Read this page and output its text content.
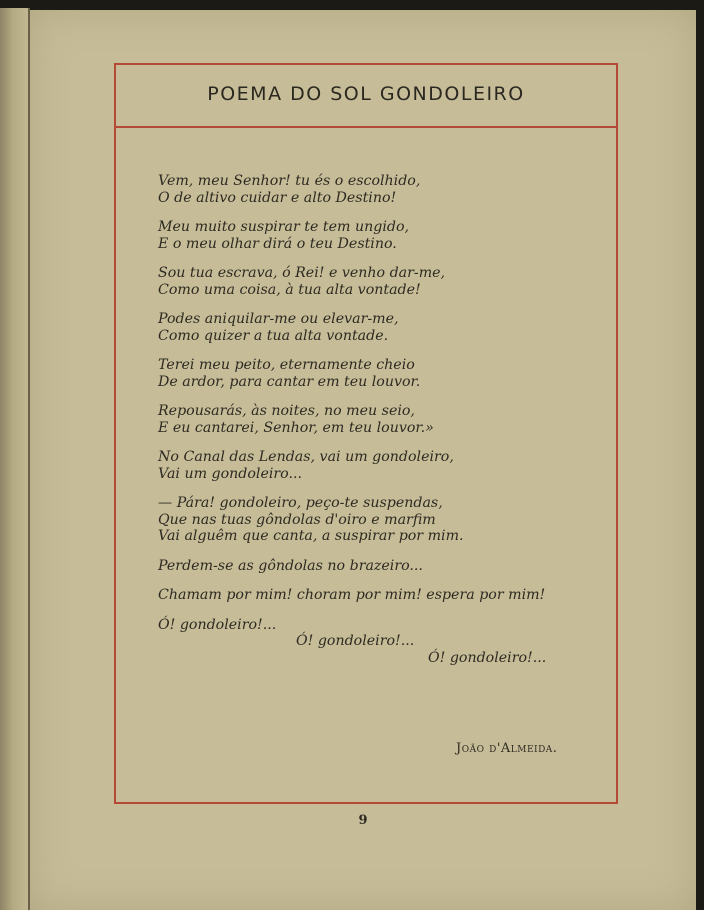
POEMA DO SOL GONDOLEIRO
Vem, meu Senhor! tu és o escolhido,
O de altivo cuidar e alto Destino!
Meu muito suspirar te tem ungido,
E o meu olhar dirá o teu Destino.
Sou tua escrava, ó Rei! e venho dar-me,
Como uma coisa, à tua alta vontade!
Podes aniquilar-me ou elevar-me,
Como quizer a tua alta vontade.
Terei meu peito, eternamente cheio
De ardor, para cantar em teu louvor.
Repousarás, às noites, no meu seio,
E eu cantarei, Senhor, em teu louvor.»
No Canal das Lendas, vai um gondoleiro,
Vai um gondoleiro...
— Pára! gondoleiro, peço-te suspendas,
Que nas tuas gôndolas d'oiro e marfim
Vai alguêm que canta, a suspirar por mim.
Perdem-se as gôndolas no brazeiro...
Chamam por mim! choram por mim! espera por mim!
Ó! gondoleiro!...
Ó! gondoleiro!...
Ó! gondoleiro!...
João d'Almeida.
9
